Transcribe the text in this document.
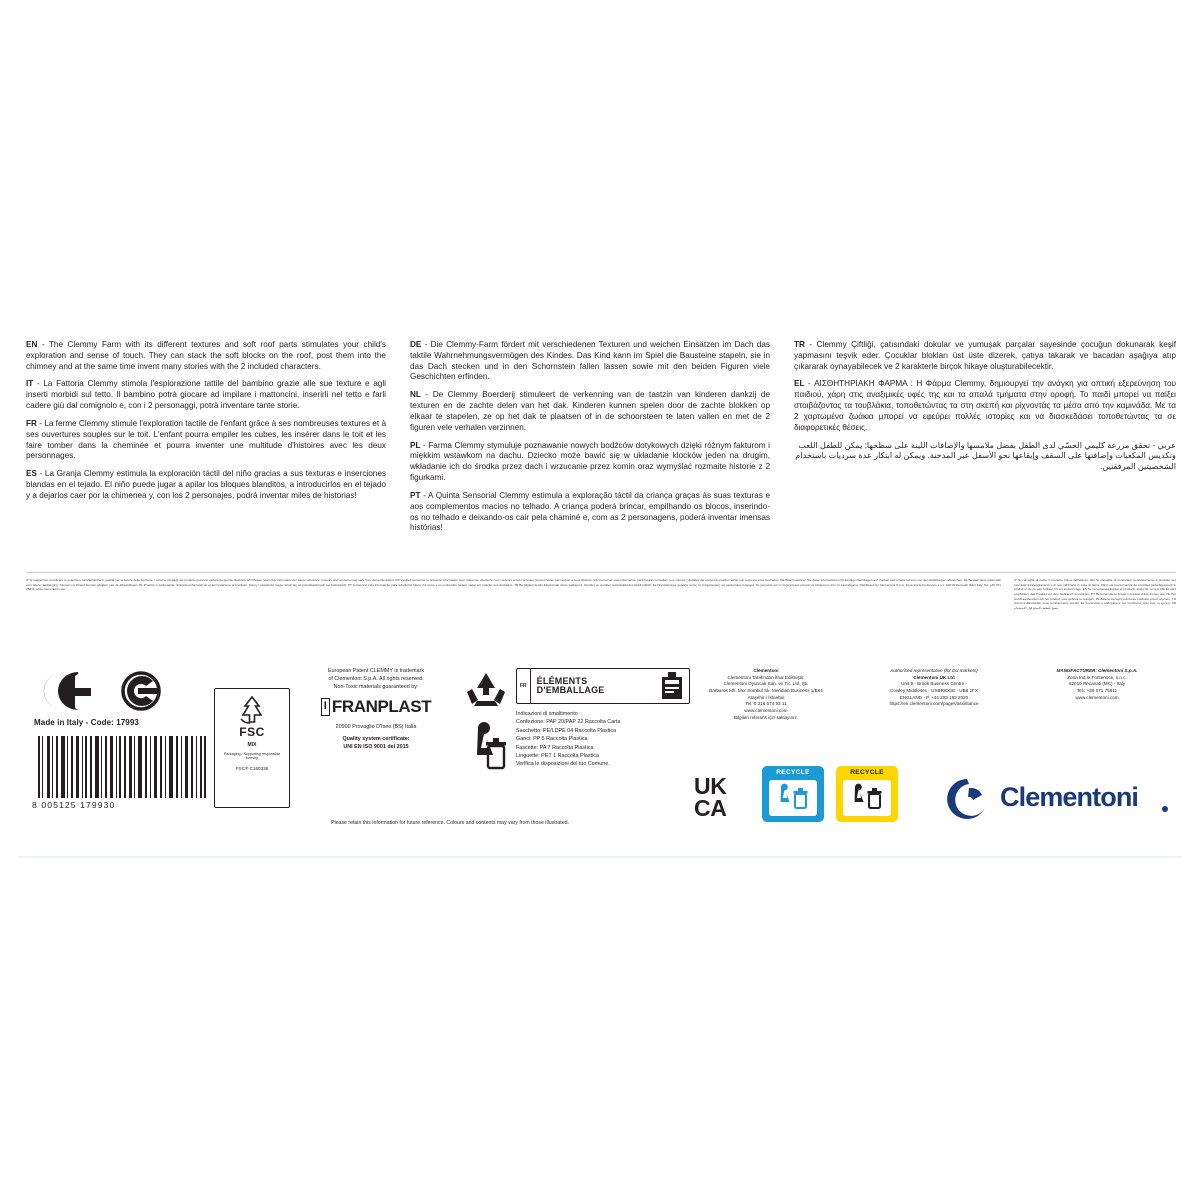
EN - The Clemmy Farm with its different textures and soft roof parts stimulates your child's exploration and sense of touch. They can stack the soft blocks on the roof, post them into the chimney and at the same time invent many stories with the 2 included characters.

IT - La Fattoria Clemmy stimola l'esplorazione tattile del bambino grazie alle sue texture e agli inserti morbidi sul tetto. Il bambino potrà giocare ad impilare i mattoncini, inserirli nel tetto e farli cadere giù dal comignolo e, con i 2 personaggi, potrà inventare tante storie.

FR - La ferme Clemmy stimule l'exploration tactile de l'enfant grâce à ses nombreuses textures et à ses ouvertures souples sur le toit. L'enfant pourra empiler les cubes, les insérer dans le toit et les faire tomber dans la cheminée et pourra inventer une multitude d'histoires avec les deux personnages.

ES - La Granja Clemmy estimula la exploración táctil del niño gracias a sus texturas e inserciones blandas en el tejado. El niño puede jugar a apilar los bloques blanditos, a introducirlos en el tejado y a dejarlos caer por la chimenea y, con los 2 personajes, podrá inventar miles de historias!

DE - Die Clemmy-Farm fördert mit verschiedenen Texturen und weichen Einsätzen im Dach das taktile Wahrnehmungsvermögen des Kindes. Das Kind kann im Spiel die Bausteine stapeln, sie in das Dach stecken und in den Schornstein fallen lassen sowie mit den beiden Figuren viele Geschichten erfinden.

NL - De Clemmy Boerderij stimuleert de verkenning van de tastzin van kinderen dankzij de texturen en de zachte delen van het dak. Kinderen kunnen spelen door de zachte blokken op elkaar te stapelen, ze op het dak te plaatsen of in de schoorsteen te laten vallen en met de 2 figuren vele verhalen verzinnen.

PL - Farma Clemmy stymuluje poznawanie nowych bodźców dotykowych dzięki różnym fakturom i miękkim wstawkom na dachu. Dziecko może bawić się w układanie klocków jeden na drugim, wkładanie ich do środka przez dach i wrzucanie przez komin oraz wymyślać rozmaite historie z 2 figurkami.

PT - A Quinta Sensorial Clemmy estimula a exploração táctil da criança graças às suas texturas e aos complementos macios no telhado. A criança poderá brincar, empilhando os blocos, inserindo-os no telhado e deixando-os cair pela chaminé e, com as 2 personagens, poderá inventar imensas histórias!

TR - Clemmy Çiftliği, çatısındaki dokular ve yumuşak parçalar sayesinde çocuğun dokunarak keşif yapmasını teşvik eder. Çocuklar blokları üst üste dizerek, çatıya takarak ve bacadan aşağıya atıp çıkararak oynayabilecek ve 2 karakterle birçok hikaye oluşturabilecektir.

EL - ΑΙΣΘΗΤΗΡΙΑΚΗ ΦΑΡΜΑ : Η Φάρμα Clemmy, δημιουργεί την ανάγκη για οπτική εξερεύνηση του παιδιού, χάρη στις αναξιμικές υφές της και τα απαλά τμήματα στην οροφή. Το παιδί μπορεί να παίξει στοιβάζοντας τα τουβλάκια, τοποθετώντας τα στη σκεπή και ρίχνοντάς τα μέσα από την καμινάδα. Με τα 2 χαρτωμένα ζωάκια μπορεί να εφεύρει πολλές ιστορίες και να διασκεδάσει τοποθετώντας τα σε διαφορετικές θέσεις.

عربي - تحقق مزرعة كليمي الحسّي لدى الطفل بفضل ملامسها والإضافات اللينة على سطحها; يمكن للطفل اللعب وتكديس المكعبات وإضافتها على السقف وإيقاعها نحو الأسفل عبر المدخنة. ويمكن له ابتكار عدة سرديات باستخدام الشخصيتين المرفقتين.

IT Si suggerisce di indicare le quantità e caratteristiche in qualità per la lettura della funzione. I colori e i dettagli del prodotto possono variare da quanto illustrato. EN Please retain this information for future reference. Colours and contents may vary from those illustrated. FR Veuillez conserver la présente information pour référence ultérieure. Les couleurs et les contenus peuvent varier par rapport à ceux illustrés. ES Conservar esta información para futuras consultas. Los colores y detalles del contenido pueden variar con respecto a los ilustrados. DE Bitte bewahren Sie diese Informationen für künftige Nachfragen auf. Farben und Inhalte können von den Abbildungen abweichen. NL Bewaar deze informatie voor latere raadpleging. Kleuren en inhoud kunnen afwijken van de afbeeldingen. PL Prosimy o zachowanie niniejszej informacji do wykorzystania w przyszłości. Kolory i zawartość mogą różnić się od przedstawionych na ilustracjach. PT Conservar esta informação para referência futura. As cores e os conteúdos podem variar em relação aos ilustrados. TR Bu bilgileri ileride başvurmak üzere saklayınız. Renkler ve içerikler resimdekilerden farklı olabilir. EL Παρακαλούμε φυλάξτε αυτές τις πληροφορίες για μελλοντική αναφορά. Τα χρώματα και τα περιεχόμενα μπορεί να διαφέρουν από τα εικονιζόμενα. Distributed by Clementoni S.p.A. Zona Ind.le Fontenoce s.n.c. 62019 Recanati (MC) Italy. Tel. +39 071 75811. www.clementoni.com.
IT Si consiglia di polire il prodotto prima dell'utilizzo. EN Si consiglia di controllare periodicamente il prodotto per eventuali danneggiamenti e di non utilizzarlo in caso di danni. FR Il est recommandé de contrôler périodiquement le produit et de ne pas l'utiliser s'il est endommagé. ES Se recomienda limpiar el producto antes de su uso. DE Es wird empfohlen, das Produkt vor dem Gebrauch zu reinigen. PT Recomenda-se limpar o produto antes do seu uso. NL Het wordt aanbevolen om het product voor gebruik te reinigen. PL Zaleca się wyczyszczenie produktu przed użyciem. TR Ürünü kullanmadan önce temizlemeniz önerilir. EL Συνιστάται ο καθαρισμός του προϊόντος πριν από τη χρήση. AR ينصح بتنظيف المنتج قبل الاستخدام.
Made in Italy - Code: 17993
8 005125 179930
FSC
MIX
Packaging / Supporting responsible forestry
FSC® C160338
European Patent CLEMMY is trademark
of Clementoni S.p.A. All rights reserved.
Non-Toxic materials guaranteed by:
I FRANPLAST
20900 Provaglio D'Iseo (BS) Italia
Quality system certificate:
UNI EN ISO 9001 del 2015
Please retain this information for future reference. Colours and contents may vary from those illustrated.
FR
ÉLÉMENTS D'EMBALLAGE
Indicazioni di smaltimento
Confezione: PAP 20/PAP 22 Raccolta Carta
Sacchetto: PE/LDPE 04 Raccolta Plastica
Ganci: PP 5 Raccolta Plastica
Fascette: PA 7 Raccolta Plastica
Linguette: PET 1 Raccolta Plastica
Verifica le disposizioni del tuo Comune.
Clementoni
Clementoni Tarafından İthal Edilmiştir.
Clementoni Oyuncak San. ve Tic. Ltd. Şti.
Barbaros Mh. Mor Sümbül Sk. Meridian Business 1/B64
Ataşehir / İstanbul
Tel: 0 216 574 93 11
www.clementoni.com
Bilgileri referans için saklayınız.
Authorised representative (for EU markets)
Clementoni UK Ltd
Unit 9 - Brook Business Centre -
Cowley Middlesex - UXBRIDGE - UB8 2FX
ENGLAND - P. +44 203 183 2020
https://en.clementoni.com/pages/assistance
MANUFACTURER: Clementoni S.p.A.
Zona Ind.le Fontenoce, s.n.c.
62019 Recanati (MC) - Italy
Tel.: +39 071 75811
www.clementoni.com
UK
CA
RECYCLE	RECYCLE
Clementoni
